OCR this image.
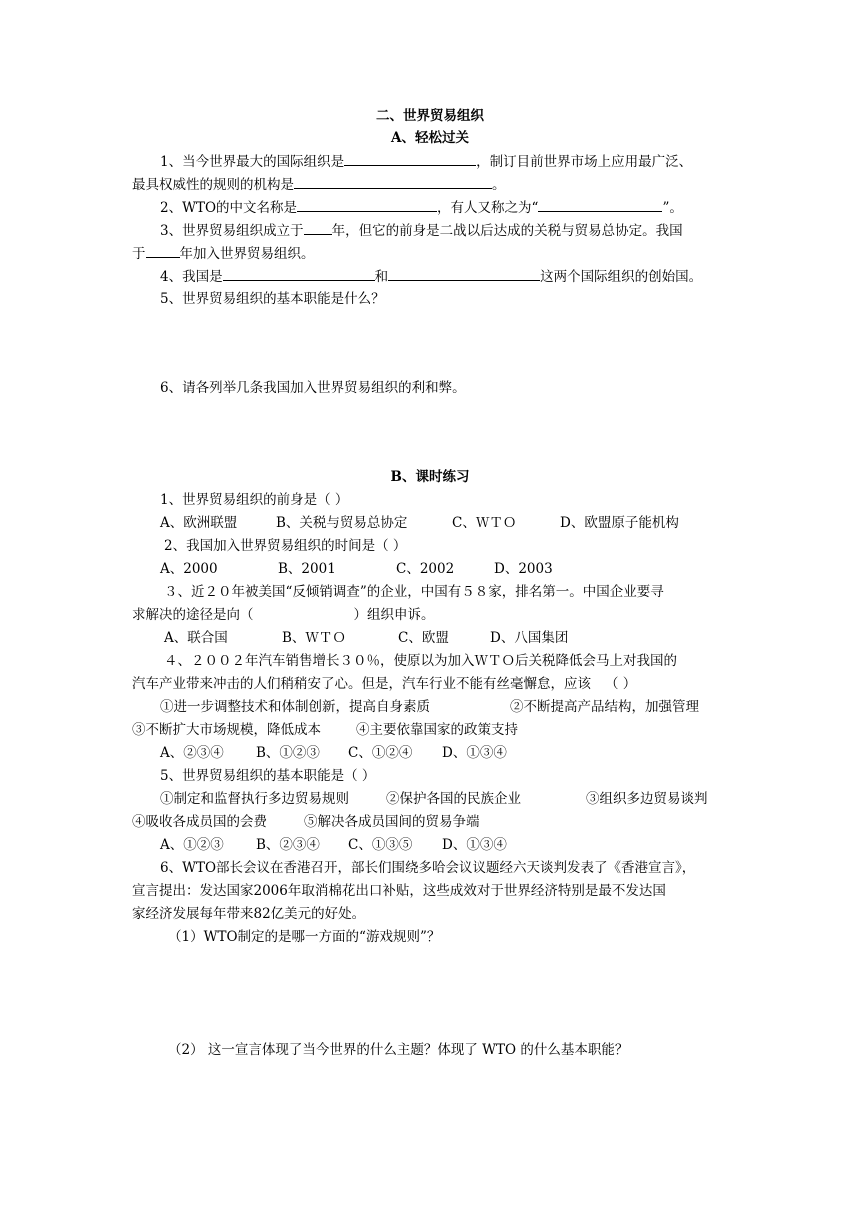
二、世界贸易组织
A、轻松过关
1、当今世界最大的国际组织是	，制订目前世界市场上应用最广泛、
最具权威性的规则的机构是	。
2、WTO的中文名称是	，有人又称之为“	”。
3、世界贸易组织成立于 年，但它的前身是二战以后达成的关税与贸易总协定。我国
于	年加入世界贸易组织。
4、我国是	和	这两个国际组织的创始国。
5、世界贸易组织的基本职能是什么？
6、请各列举几条我国加入世界贸易组织的利和弊。
B、课时练习
1、世界贸易组织的前身是（ ）
A、欧洲联盟	B、关税与贸易总协定	C、ＷＴＯ	D、欧盟原子能机构
2、我国加入世界贸易组织的时间是（ ）
A、2000	B、2001	C、2002	D、2003
３、近２０年被美国“反倾销调查”的企业，中国有５８家，排名第一。中国企业要寻
求解决的途径是向（	）组织申诉。
A、联合国	B、ＷＴＯ	C、欧盟	D、八国集团
４、２００２年汽车销售增长３０％，使原以为加入ＷＴＯ后关税降低会马上对我国的
汽车产业带来冲击的人们稍稍安了心。但是，汽车行业不能有丝毫懈怠，应该 （ ）
①进一步调整技术和体制创新，提高自身素质	②不断提高产品结构，加强管理
③不断扩大市场规模，降低成本	④主要依靠国家的政策支持
A、②③④ B、①②③ C、①②④ D、①③④
5、世界贸易组织的基本职能是（ ）
①制定和监督执行多边贸易规则	②保护各国的民族企业	③组织多边贸易谈判
④吸收各成员国的会费	⑤解决各成员国间的贸易争端
A、①②③ B、②③④ C、①③⑤ D、①③④
6、WTO部长会议在香港召开，部长们围绕多哈会议议题经六天谈判发表了《香港宣言》，
宣言提出：发达国家2006年取消棉花出口补贴，这些成效对于世界经济特别是最不发达国
家经济发展每年带来82亿美元的好处。
（1）WTO制定的是哪一方面的“游戏规则”？
（2） 这一宣言体现了当今世界的什么主题？体现了 WTO 的什么基本职能？
